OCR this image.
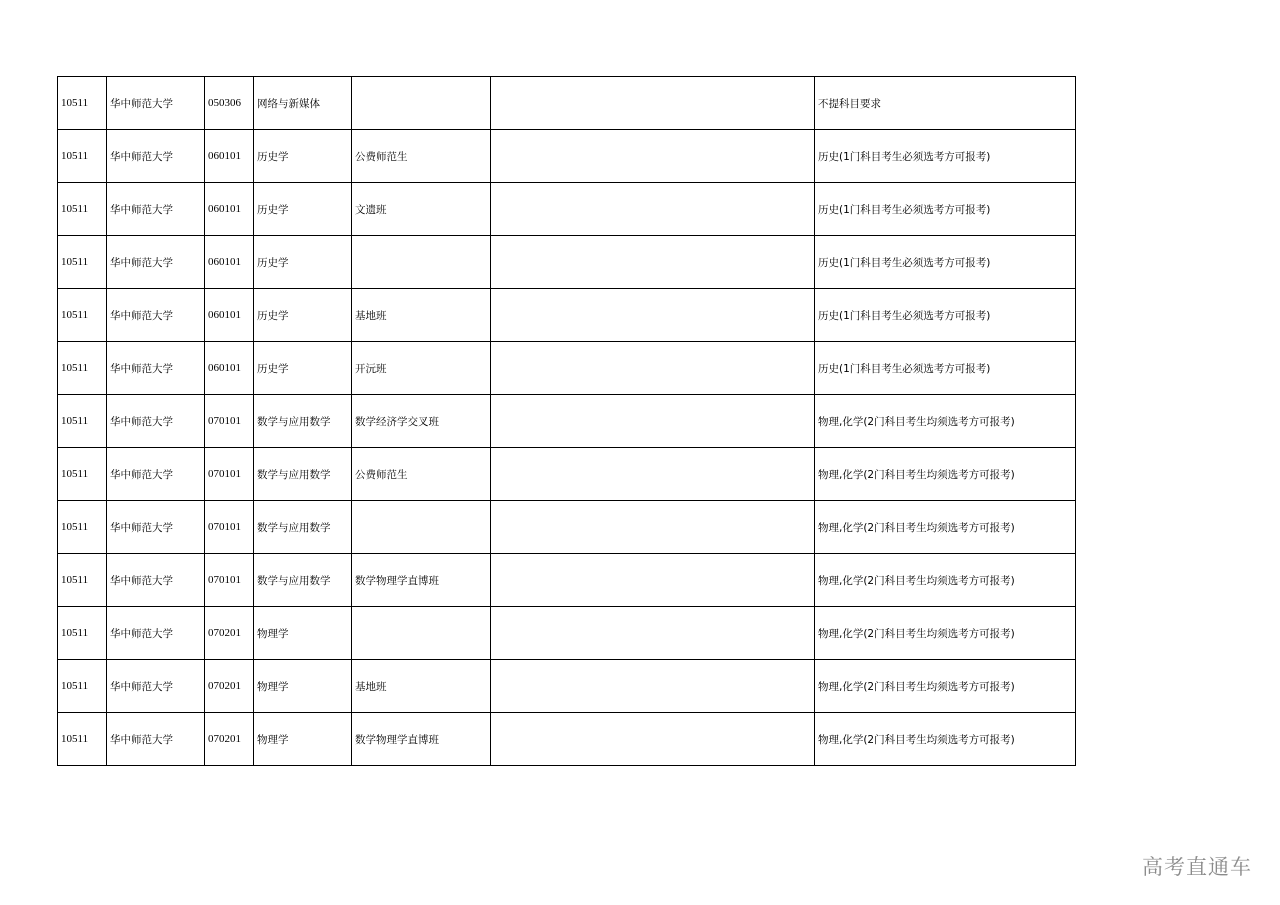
10511	华中师范大学	050306	网络与新媒体			不提科目要求
10511	华中师范大学	060101	历史学	公费师范生		历史(1门科目考生必须选考方可报考)
10511	华中师范大学	060101	历史学	文遗班		历史(1门科目考生必须选考方可报考)
10511	华中师范大学	060101	历史学			历史(1门科目考生必须选考方可报考)
10511	华中师范大学	060101	历史学	基地班		历史(1门科目考生必须选考方可报考)
10511	华中师范大学	060101	历史学	开沅班		历史(1门科目考生必须选考方可报考)
10511	华中师范大学	070101	数学与应用数学	数学经济学交叉班		物理,化学(2门科目考生均须选考方可报考)
10511	华中师范大学	070101	数学与应用数学	公费师范生		物理,化学(2门科目考生均须选考方可报考)
10511	华中师范大学	070101	数学与应用数学			物理,化学(2门科目考生均须选考方可报考)
10511	华中师范大学	070101	数学与应用数学	数学物理学直博班		物理,化学(2门科目考生均须选考方可报考)
10511	华中师范大学	070201	物理学			物理,化学(2门科目考生均须选考方可报考)
10511	华中师范大学	070201	物理学	基地班		物理,化学(2门科目考生均须选考方可报考)
10511	华中师范大学	070201	物理学	数学物理学直博班		物理,化学(2门科目考生均须选考方可报考)
高考直通车
